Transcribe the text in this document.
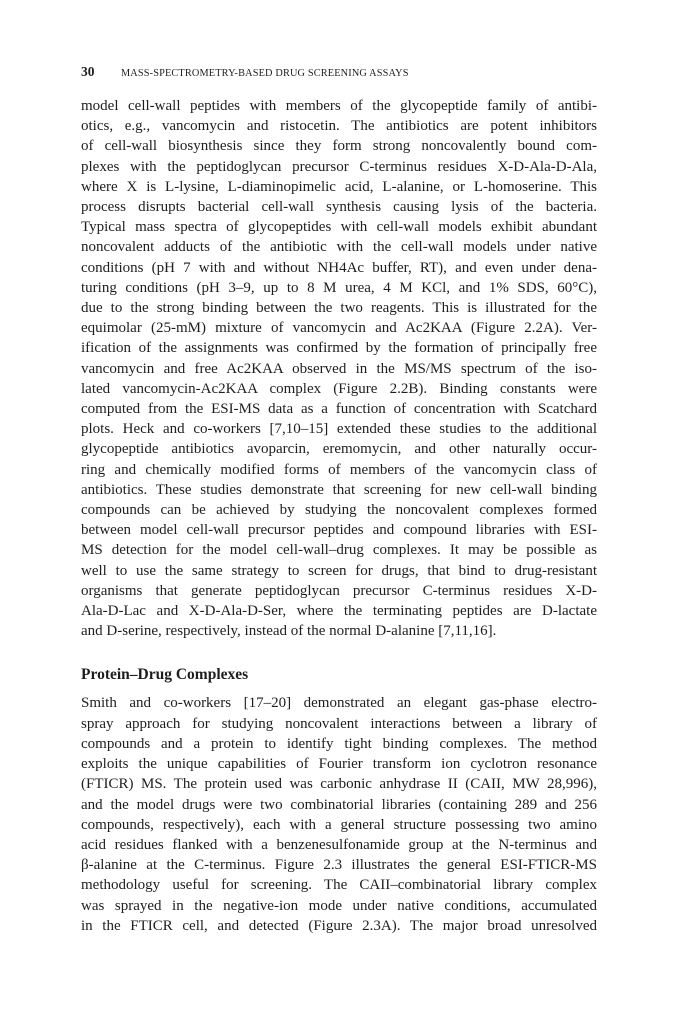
30	MASS-SPECTROMETRY-BASED DRUG SCREENING ASSAYS

model cell-wall peptides with members of the glycopeptide family of antibi-
otics, e.g., vancomycin and ristocetin. The antibiotics are potent inhibitors
of cell-wall biosynthesis since they form strong noncovalently bound com-
plexes with the peptidoglycan precursor C-terminus residues X-D-Ala-D-Ala,
where X is L-lysine, L-diaminopimelic acid, L-alanine, or L-homoserine. This
process disrupts bacterial cell-wall synthesis causing lysis of the bacteria.
Typical mass spectra of glycopeptides with cell-wall models exhibit abundant
noncovalent adducts of the antibiotic with the cell-wall models under native
conditions (pH 7 with and without NH4Ac buffer, RT), and even under dena-
turing conditions (pH 3–9, up to 8 M urea, 4 M KCl, and 1% SDS, 60°C),
due to the strong binding between the two reagents. This is illustrated for the
equimolar (25-mM) mixture of vancomycin and Ac2KAA (Figure 2.2A). Ver-
ification of the assignments was confirmed by the formation of principally free
vancomycin and free Ac2KAA observed in the MS/MS spectrum of the iso-
lated vancomycin-Ac2KAA complex (Figure 2.2B). Binding constants were
computed from the ESI-MS data as a function of concentration with Scatchard
plots. Heck and co-workers [7,10–15] extended these studies to the additional
glycopeptide antibiotics avoparcin, eremomycin, and other naturally occur-
ring and chemically modified forms of members of the vancomycin class of
antibiotics. These studies demonstrate that screening for new cell-wall binding
compounds can be achieved by studying the noncovalent complexes formed
between model cell-wall precursor peptides and compound libraries with ESI-
MS detection for the model cell-wall–drug complexes. It may be possible as
well to use the same strategy to screen for drugs, that bind to drug-resistant
organisms that generate peptidoglycan precursor C-terminus residues X-D-
Ala-D-Lac and X-D-Ala-D-Ser, where the terminating peptides are D-lactate
and D-serine, respectively, instead of the normal D-alanine [7,11,16].

Protein–Drug Complexes

Smith and co-workers [17–20] demonstrated an elegant gas-phase electro-
spray approach for studying noncovalent interactions between a library of
compounds and a protein to identify tight binding complexes. The method
exploits the unique capabilities of Fourier transform ion cyclotron resonance
(FTICR) MS. The protein used was carbonic anhydrase II (CAII, MW 28,996),
and the model drugs were two combinatorial libraries (containing 289 and 256
compounds, respectively), each with a general structure possessing two amino
acid residues flanked with a benzenesulfonamide group at the N-terminus and
β-alanine at the C-terminus. Figure 2.3 illustrates the general ESI-FTICR-MS
methodology useful for screening. The CAII–combinatorial library complex
was sprayed in the negative-ion mode under native conditions, accumulated
in the FTICR cell, and detected (Figure 2.3A). The major broad unresolved
